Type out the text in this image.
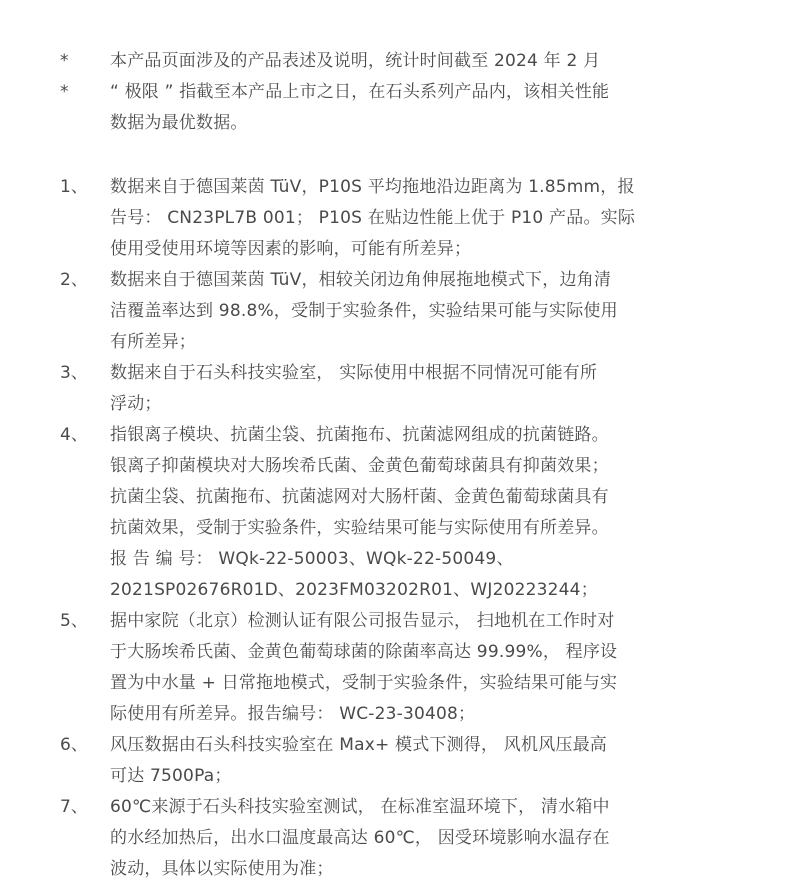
*	本产品页面涉及的产品表述及说明，统计时间截至 2024 年 2 月
*	“ 极限 ” 指截至本产品上市之日，在石头系列产品内，该相关性能
数据为最优数据。
1、	数据来自于德国莱茵 TüV，P10S 平均拖地沿边距离为 1.85mm，报
告号： CN23PL7B 001； P10S 在贴边性能上优于 P10 产品。实际
使用受使用环境等因素的影响，可能有所差异；
2、	数据来自于德国莱茵 TüV，相较关闭边角伸展拖地模式下，边角清
洁覆盖率达到 98.8%，受制于实验条件，实验结果可能与实际使用
有所差异；
3、	数据来自于石头科技实验室， 实际使用中根据不同情况可能有所
浮动；
4、	指银离子模块、抗菌尘袋、抗菌拖布、抗菌滤网组成的抗菌链路。
银离子抑菌模块对大肠埃希氏菌、金黄色葡萄球菌具有抑菌效果；
抗菌尘袋、抗菌拖布、抗菌滤网对大肠杆菌、金黄色葡萄球菌具有
抗菌效果，受制于实验条件，实验结果可能与实际使用有所差异。
报 告 编 号： WQk-22-50003、WQk-22-50049、
2021SP02676R01D、2023FM03202R01、WJ20223244；
5、	据中家院（北京）检测认证有限公司报告显示， 扫地机在工作时对
于大肠埃希氏菌、金黄色葡萄球菌的除菌率高达 99.99%， 程序设
置为中水量 + 日常拖地模式，受制于实验条件，实验结果可能与实
际使用有所差异。报告编号： WC-23-30408；
6、	风压数据由石头科技实验室在 Max+ 模式下测得， 风机风压最高
可达 7500Pa；
7、	60℃来源于石头科技实验室测试， 在标准室温环境下， 清水箱中
的水经加热后，出水口温度最高达 60℃， 因受环境影响水温存在
波动，具体以实际使用为准；
